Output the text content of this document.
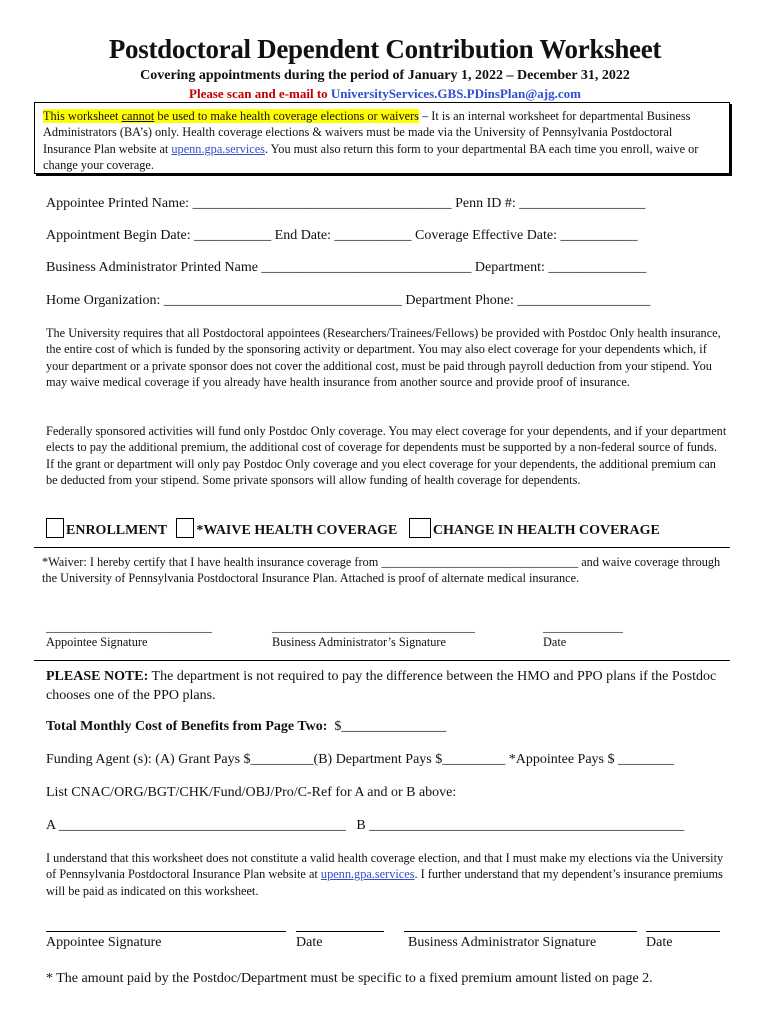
Postdoctoral Dependent Contribution Worksheet
Covering appointments during the period of January 1, 2022 – December 31, 2022
Please scan and e-mail to UniversityServices.GBS.PDinsPlan@ajg.com
This worksheet cannot be used to make health coverage elections or waivers – It is an internal worksheet for departmental Business Administrators (BA’s) only. Health coverage elections & waivers must be made via the University of Pennsylvania Postdoctoral Insurance Plan website at upenn.gpa.services. You must also return this form to your departmental BA each time you enroll, waive or change your coverage.
Appointee Printed Name: _____________________________________ Penn ID #: __________________
Appointment Begin Date: ___________ End Date: ___________ Coverage Effective Date: ___________
Business Administrator Printed Name ______________________________ Department: ______________
Home Organization: __________________________________ Department Phone: ___________________
The University requires that all Postdoctoral appointees (Researchers/Trainees/Fellows) be provided with Postdoc Only health insurance, the entire cost of which is funded by the sponsoring activity or department. You may also elect coverage for your dependents which, if your department or a private sponsor does not cover the additional cost, must be paid through payroll deduction from your stipend. You may waive medical coverage if you already have health insurance from another source and provide proof of insurance.
Federally sponsored activities will fund only Postdoc Only coverage. You may elect coverage for your dependents, and if your department elects to pay the additional premium, the additional cost of coverage for dependents must be supported by a non-federal source of funds. If the grant or department will only pay Postdoc Only coverage and you elect coverage for your dependents, the additional premium can be deducted from your stipend. Some private sponsors will allow funding of health coverage for dependents.
ENROLLMENT *WAIVE HEALTH COVERAGE	CHANGE IN HEALTH COVERAGE
*Waiver: I hereby certify that I have health insurance coverage from ________________________________ and waive coverage through the University of Pennsylvania Postdoctoral Insurance Plan. Attached is proof of alternate medical insurance.
___________________________	_________________________________	_____________
Appointee Signature	Business Administrator’s Signature	Date
PLEASE NOTE: The department is not required to pay the difference between the HMO and PPO plans if the Postdoc chooses one of the PPO plans.
Total Monthly Cost of Benefits from Page Two:  $_______________
Funding Agent (s): (A) Grant Pays $_________(B) Department Pays $_________ *Appointee Pays $ ________
List CNAC/ORG/BGT/CHK/Fund/OBJ/Pro/C-Ref for A and or B above:
A _________________________________________   B _____________________________________________
I understand that this worksheet does not constitute a valid health coverage election, and that I must make my elections via the University of Pennsylvania Postdoctoral Insurance Plan website at upenn.gpa.services. I further understand that my dependent’s insurance premiums will be paid as indicated on this worksheet.
Appointee Signature	Date	Business Administrator Signature	Date
* The amount paid by the Postdoc/Department must be specific to a fixed premium amount listed on page 2.
